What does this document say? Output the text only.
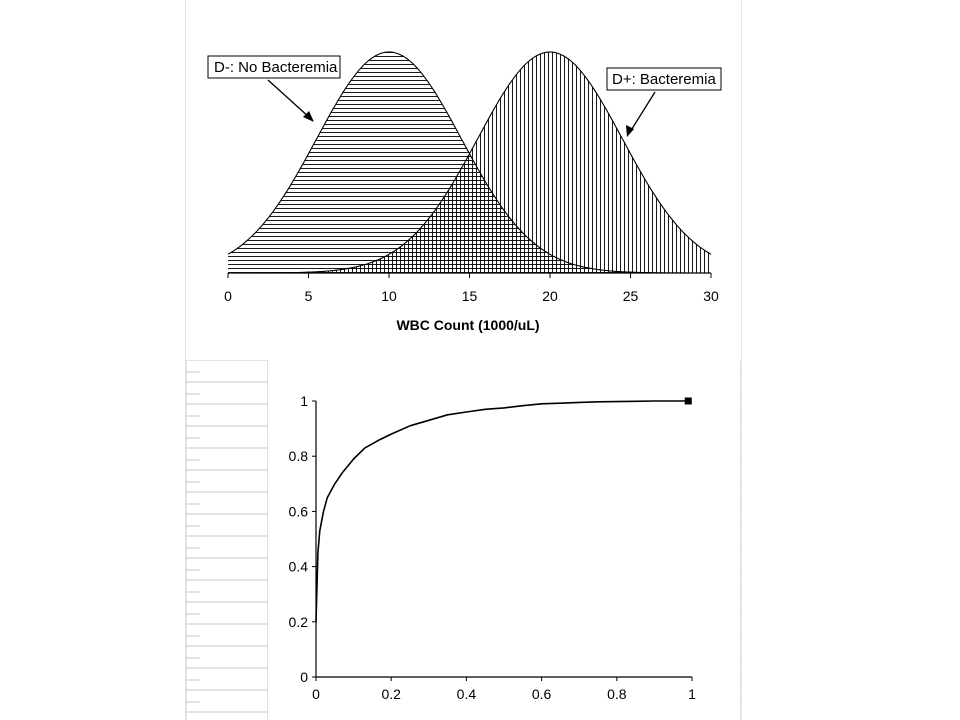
0	5	10	15	20	25	30
WBC Count (1000/uL)
D-: No Bacteremia
D+: Bacteremia
0
0.2
0.4
0.6
0.8
1
0	0.2	0.4	0.6	0.8	1
